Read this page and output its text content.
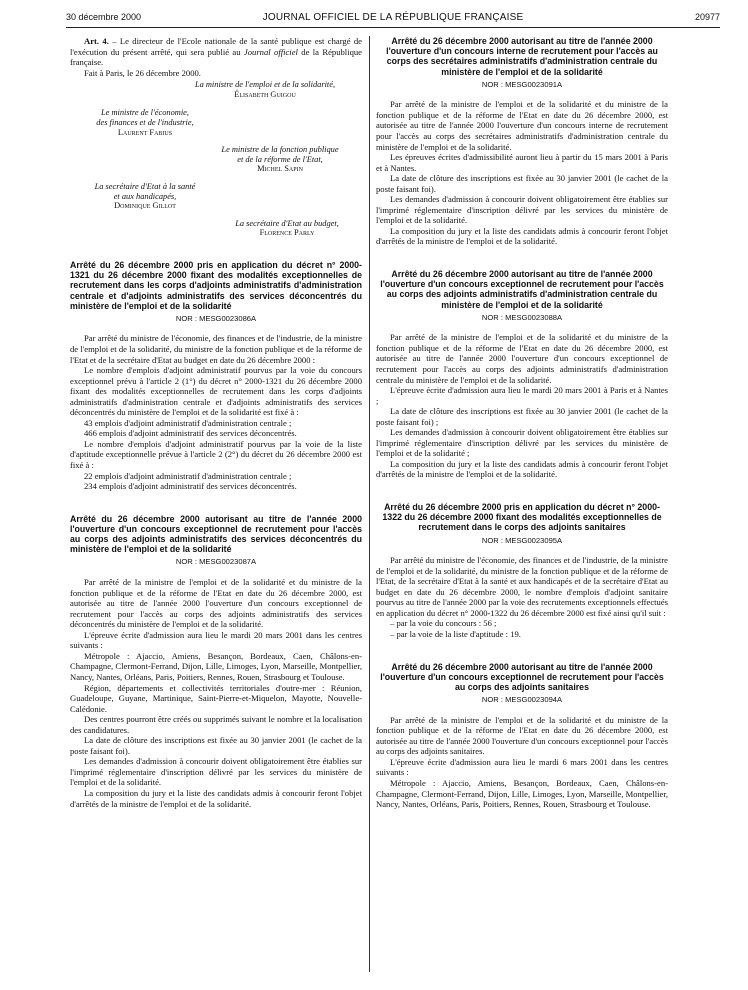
30 décembre 2000	JOURNAL OFFICIEL DE LA RÉPUBLIQUE FRANÇAISE	20977

Art. 4. – Le directeur de l'Ecole nationale de la santé publique est chargé de l'exécution du présent arrêté, qui sera publié au Journal officiel de la République française.

Fait à Paris, le 26 décembre 2000.

La ministre de l'emploi et de la solidarité,
Élisabeth Guigou
Le ministre de l'économie,
des finances et de l'industrie,
Laurent Fabius
Le ministre de la fonction publique
et de la réforme de l'Etat,
Michel Sapin
La secrétaire d'Etat à la santé
et aux handicapés,
Dominique Gillot
La secrétaire d'Etat au budget,
Florence Parly

Arrêté du 26 décembre 2000 pris en application du décret n° 2000-1321 du 26 décembre 2000 fixant des modalités exceptionnelles de recrutement dans les corps d'adjoints administratifs d'administration centrale et d'adjoints administratifs des services déconcentrés du ministère de l'emploi et de la solidarité

NOR : MESG0023086A

Par arrêté du ministre de l'économie, des finances et de l'industrie, de la ministre de l'emploi et de la solidarité, du ministre de la fonction publique et de la réforme de l'Etat et de la secrétaire d'Etat au budget en date du 26 décembre 2000 :

Le nombre d'emplois d'adjoint administratif pourvus par la voie du concours exceptionnel prévu à l'article 2 (1°) du décret n° 2000-1321 du 26 décembre 2000 fixant des modalités exceptionnelles de recrutement dans les corps d'adjoints administratifs d'administration centrale et d'adjoints administratifs des services déconcentrés du ministère de l'emploi et de la solidarité est fixé à :

43 emplois d'adjoint administratif d'administration centrale ;

466 emplois d'adjoint administratif des services déconcentrés.

Le nombre d'emplois d'adjoint administratif pourvus par la voie de la liste d'aptitude exceptionnelle prévue à l'article 2 (2°) du décret du 26 décembre 2000 est fixé à :

22 emplois d'adjoint administratif d'administration centrale ;

234 emplois d'adjoint administratif des services déconcentrés.

Arrêté du 26 décembre 2000 autorisant au titre de l'année 2000 l'ouverture d'un concours exceptionnel de recrutement pour l'accès au corps des adjoints administratifs des services déconcentrés du ministère de l'emploi et de la solidarité

NOR : MESG0023087A

Par arrêté de la ministre de l'emploi et de la solidarité et du ministre de la fonction publique et de la réforme de l'Etat en date du 26 décembre 2000, est autorisée au titre de l'année 2000 l'ouverture d'un concours exceptionnel de recrutement pour l'accès au corps des adjoints administratifs des services déconcentrés du ministère de l'emploi et de la solidarité.

L'épreuve écrite d'admission aura lieu le mardi 20 mars 2001 dans les centres suivants :

Métropole : Ajaccio, Amiens, Besançon, Bordeaux, Caen, Châlons-en-Champagne, Clermont-Ferrand, Dijon, Lille, Limoges, Lyon, Marseille, Montpellier, Nancy, Nantes, Orléans, Paris, Poitiers, Rennes, Rouen, Strasbourg et Toulouse.

Région, départements et collectivités territoriales d'outre-mer : Réunion, Guadeloupe, Guyane, Martinique, Saint-Pierre-et-Miquelon, Mayotte, Nouvelle-Calédonie.

Des centres pourront être créés ou supprimés suivant le nombre et la localisation des candidatures.

La date de clôture des inscriptions est fixée au 30 janvier 2001 (le cachet de la poste faisant foi).

Les demandes d'admission à concourir doivent obligatoirement être établies sur l'imprimé réglementaire d'inscription délivré par les services du ministère de l'emploi et de la solidarité.

La composition du jury et la liste des candidats admis à concourir feront l'objet d'arrêtés de la ministre de l'emploi et de la solidarité.

Arrêté du 26 décembre 2000 autorisant au titre de l'année 2000 l'ouverture d'un concours interne de recrutement pour l'accès au corps des secrétaires administratifs d'administration centrale du ministère de l'emploi et de la solidarité

NOR : MESG0023091A

Par arrêté de la ministre de l'emploi et de la solidarité et du ministre de la fonction publique et de la réforme de l'Etat en date du 26 décembre 2000, est autorisée au titre de l'année 2000 l'ouverture d'un concours interne de recrutement pour l'accès au corps des secrétaires administratifs d'administration centrale du ministère de l'emploi et de la solidarité.

Les épreuves écrites d'admissibilité auront lieu à partir du 15 mars 2001 à Paris et à Nantes.

La date de clôture des inscriptions est fixée au 30 janvier 2001 (le cachet de la poste faisant foi).

Les demandes d'admission à concourir doivent obligatoirement être établies sur l'imprimé réglementaire d'inscription délivré par les services du ministère de l'emploi et de la solidarité.

La composition du jury et la liste des candidats admis à concourir feront l'objet d'arrêtés de la ministre de l'emploi et de la solidarité.

Arrêté du 26 décembre 2000 autorisant au titre de l'année 2000 l'ouverture d'un concours exceptionnel de recrutement pour l'accès au corps des adjoints administratifs d'administration centrale du ministère de l'emploi et de la solidarité

NOR : MESG0023088A

Par arrêté de la ministre de l'emploi et de la solidarité et du ministre de la fonction publique et de la réforme de l'Etat en date du 26 décembre 2000, est autorisée au titre de l'année 2000 l'ouverture d'un concours exceptionnel de recrutement pour l'accès au corps des adjoints administratifs d'administration centrale du ministère de l'emploi et de la solidarité.

L'épreuve écrite d'admission aura lieu le mardi 20 mars 2001 à Paris et à Nantes ;

La date de clôture des inscriptions est fixée au 30 janvier 2001 (le cachet de la poste faisant foi) ;

Les demandes d'admission à concourir doivent obligatoirement être établies sur l'imprimé réglementaire d'inscription délivré par les services du ministère de l'emploi et de la solidarité ;

La composition du jury et la liste des candidats admis à concourir feront l'objet d'arrêtés de la ministre de l'emploi et de la solidarité.

Arrêté du 26 décembre 2000 pris en application du décret n° 2000-1322 du 26 décembre 2000 fixant des modalités exceptionnelles de recrutement dans le corps des adjoints sanitaires

NOR : MESG0023095A

Par arrêté du ministre de l'économie, des finances et de l'industrie, de la ministre de l'emploi et de la solidarité, du ministre de la fonction publique et de la réforme de l'Etat, de la secrétaire d'Etat à la santé et aux handicapés et de la secrétaire d'Etat au budget en date du 26 décembre 2000, le nombre d'emplois d'adjoint sanitaire pourvus au titre de l'année 2000 par la voie des recrutements exceptionnels effectués en application du décret n° 2000-1322 du 26 décembre 2000 est fixé ainsi qu'il suit :

– par la voie du concours : 56 ;

– par la voie de la liste d'aptitude : 19.

Arrêté du 26 décembre 2000 autorisant au titre de l'année 2000 l'ouverture d'un concours exceptionnel de recrutement pour l'accès au corps des adjoints sanitaires

NOR : MESG0023094A

Par arrêté de la ministre de l'emploi et de la solidarité et du ministre de la fonction publique et de la réforme de l'Etat en date du 26 décembre 2000, est autorisée au titre de l'année 2000 l'ouverture d'un concours exceptionnel pour l'accès au corps des adjoints sanitaires.

L'épreuve écrite d'admission aura lieu le mardi 6 mars 2001 dans les centres suivants :

Métropole : Ajaccio, Amiens, Besançon, Bordeaux, Caen, Châlons-en-Champagne, Clermont-Ferrand, Dijon, Lille, Limoges, Lyon, Marseille, Montpellier, Nancy, Nantes, Orléans, Paris, Poitiers, Rennes, Rouen, Strasbourg et Toulouse.
